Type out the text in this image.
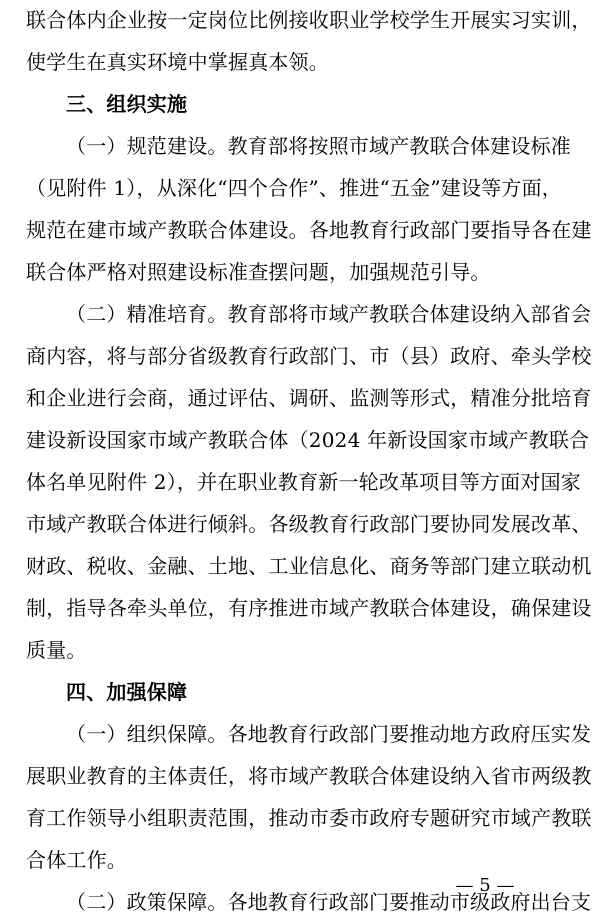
联合体内企业按一定岗位比例接收职业学校学生开展实习实训，
使学生在真实环境中掌握真本领。
三、组织实施
（一）规范建设。教育部将按照市域产教联合体建设标准
（见附件 1），从深化“四个合作”、推进“五金”建设等方面，
规范在建市域产教联合体建设。各地教育行政部门要指导各在建
联合体严格对照建设标准查摆问题，加强规范引导。
（二）精准培育。教育部将市域产教联合体建设纳入部省会
商内容，将与部分省级教育行政部门、市（县）政府、牵头学校
和企业进行会商，通过评估、调研、监测等形式，精准分批培育
建设新设国家市域产教联合体（2024 年新设国家市域产教联合
体名单见附件 2），并在职业教育新一轮改革项目等方面对国家
市域产教联合体进行倾斜。各级教育行政部门要协同发展改革、
财政、税收、金融、土地、工业信息化、商务等部门建立联动机
制，指导各牵头单位，有序推进市域产教联合体建设，确保建设
质量。
四、加强保障
（一）组织保障。各地教育行政部门要推动地方政府压实发
展职业教育的主体责任，将市域产教联合体建设纳入省市两级教
育工作领导小组职责范围，推动市委市政府专题研究市域产教联
合体工作。
（二）政策保障。各地教育行政部门要推动市级政府出台支
— 5 —
